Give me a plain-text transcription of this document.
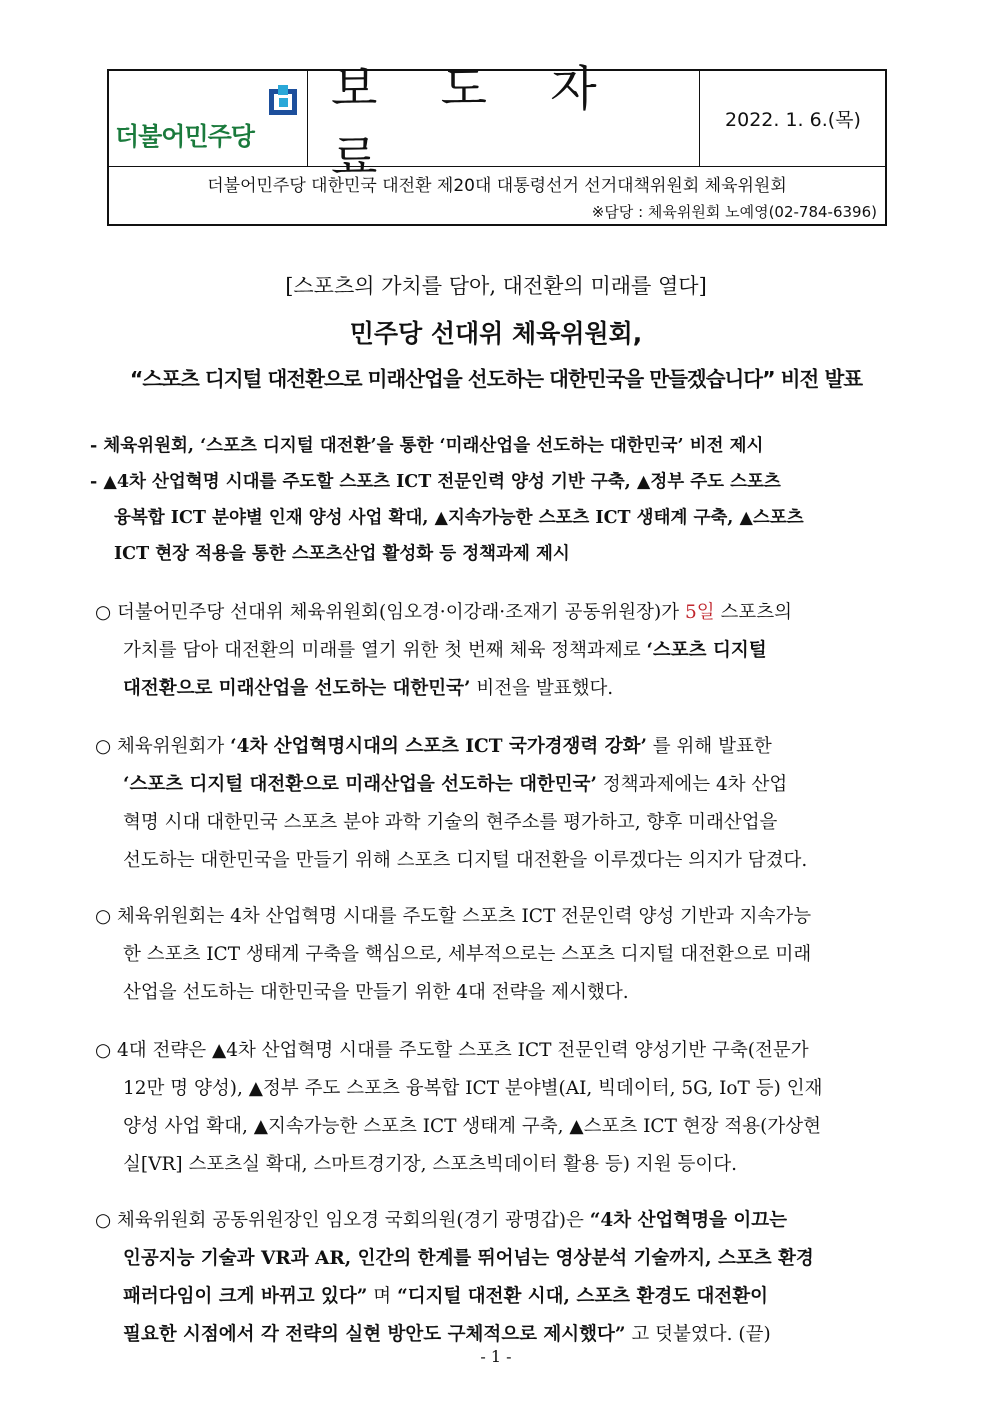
더불어민주당
보 도 자 료
2022. 1. 6.(목)
더불어민주당 대한민국 대전환 제20대 대통령선거 선거대책위원회 체육위원회
※담당 : 체육위원회 노예영(02-784-6396)
[스포츠의 가치를 담아, 대전환의 미래를 열다]
민주당 선대위 체육위원회,
“스포츠 디지털 대전환으로 미래산업을 선도하는 대한민국을 만들겠습니다” 비전 발표

- 체육위원회, ‘스포츠 디지털 대전환’을 통한 ‘미래산업을 선도하는 대한민국’ 비전 제시

- ▲4차 산업혁명 시대를 주도할 스포츠 ICT 전문인력 양성 기반 구축, ▲정부 주도 스포츠

융복합 ICT 분야별 인재 양성 사업 확대, ▲지속가능한 스포츠 ICT 생태계 구축, ▲스포츠

ICT 현장 적용을 통한 스포츠산업 활성화 등 정책과제 제시

○ 더불어민주당 선대위 체육위원회(임오경·이강래·조재기 공동위원장)가 5일 스포츠의

가치를 담아 대전환의 미래를 열기 위한 첫 번째 체육 정책과제로 ‘스포츠 디지털

대전환으로 미래산업을 선도하는 대한민국’ 비전을 발표했다.

○ 체육위원회가 ‘4차 산업혁명시대의 스포츠 ICT 국가경쟁력 강화’ 를 위해 발표한

‘스포츠 디지털 대전환으로 미래산업을 선도하는 대한민국’ 정책과제에는 4차 산업

혁명 시대 대한민국 스포츠 분야 과학 기술의 현주소를 평가하고, 향후 미래산업을

선도하는 대한민국을 만들기 위해 스포츠 디지털 대전환을 이루겠다는 의지가 담겼다.

○ 체육위원회는 4차 산업혁명 시대를 주도할 스포츠 ICT 전문인력 양성 기반과 지속가능

한 스포츠 ICT 생태계 구축을 핵심으로, 세부적으로는 스포츠 디지털 대전환으로 미래

산업을 선도하는 대한민국을 만들기 위한 4대 전략을 제시했다.

○ 4대 전략은 ▲4차 산업혁명 시대를 주도할 스포츠 ICT 전문인력 양성기반 구축(전문가

12만 명 양성), ▲정부 주도 스포츠 융복합 ICT 분야별(AI, 빅데이터, 5G, IoT 등) 인재

양성 사업 확대, ▲지속가능한 스포츠 ICT 생태계 구축, ▲스포츠 ICT 현장 적용(가상현

실[VR] 스포츠실 확대, 스마트경기장, 스포츠빅데이터 활용 등) 지원 등이다.

○ 체육위원회 공동위원장인 임오경 국회의원(경기 광명갑)은 “4차 산업혁명을 이끄는

인공지능 기술과 VR과 AR, 인간의 한계를 뛰어넘는 영상분석 기술까지, 스포츠 환경

패러다임이 크게 바뀌고 있다” 며 “디지털 대전환 시대, 스포츠 환경도 대전환이

필요한 시점에서 각 전략의 실현 방안도 구체적으로 제시했다” 고 덧붙였다. (끝)

- 1 -
